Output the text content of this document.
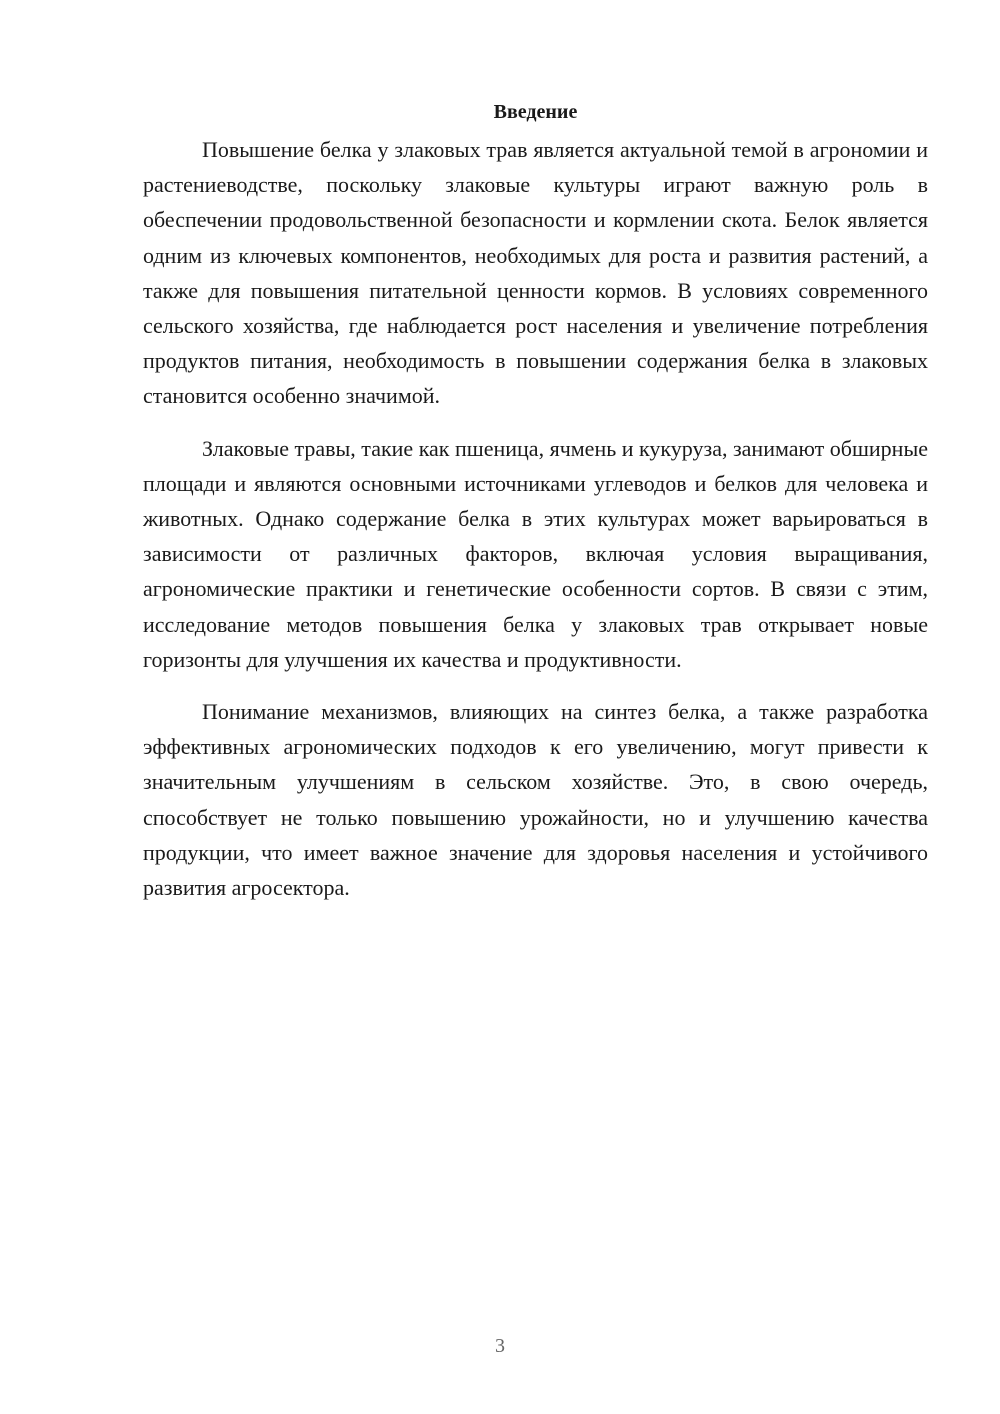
Введение

Повышение белка у злаковых трав является актуальной темой в агрономии и растениеводстве, поскольку злаковые культуры играют важную роль в обеспечении продовольственной безопасности и кормлении скота. Белок является одним из ключевых компонентов, необходимых для роста и развития растений, а также для повышения питательной ценности кормов. В условиях современного сельского хозяйства, где наблюдается рост населения и увеличение потребления продуктов питания, необходимость в повышении содержания белка в злаковых становится особенно значимой.

Злаковые травы, такие как пшеница, ячмень и кукуруза, занимают обширные площади и являются основными источниками углеводов и белков для человека и животных. Однако содержание белка в этих культурах может варьироваться в зависимости от различных факторов, включая условия выращивания, агрономические практики и генетические особенности сортов. В связи с этим, исследование методов повышения белка у злаковых трав открывает новые горизонты для улучшения их качества и продуктивности.

Понимание механизмов, влияющих на синтез белка, а также разработка эффективных агрономических подходов к его увеличению, могут привести к значительным улучшениям в сельском хозяйстве. Это, в свою очередь, способствует не только повышению урожайности, но и улучшению качества продукции, что имеет важное значение для здоровья населения и устойчивого развития агросектора.

3
